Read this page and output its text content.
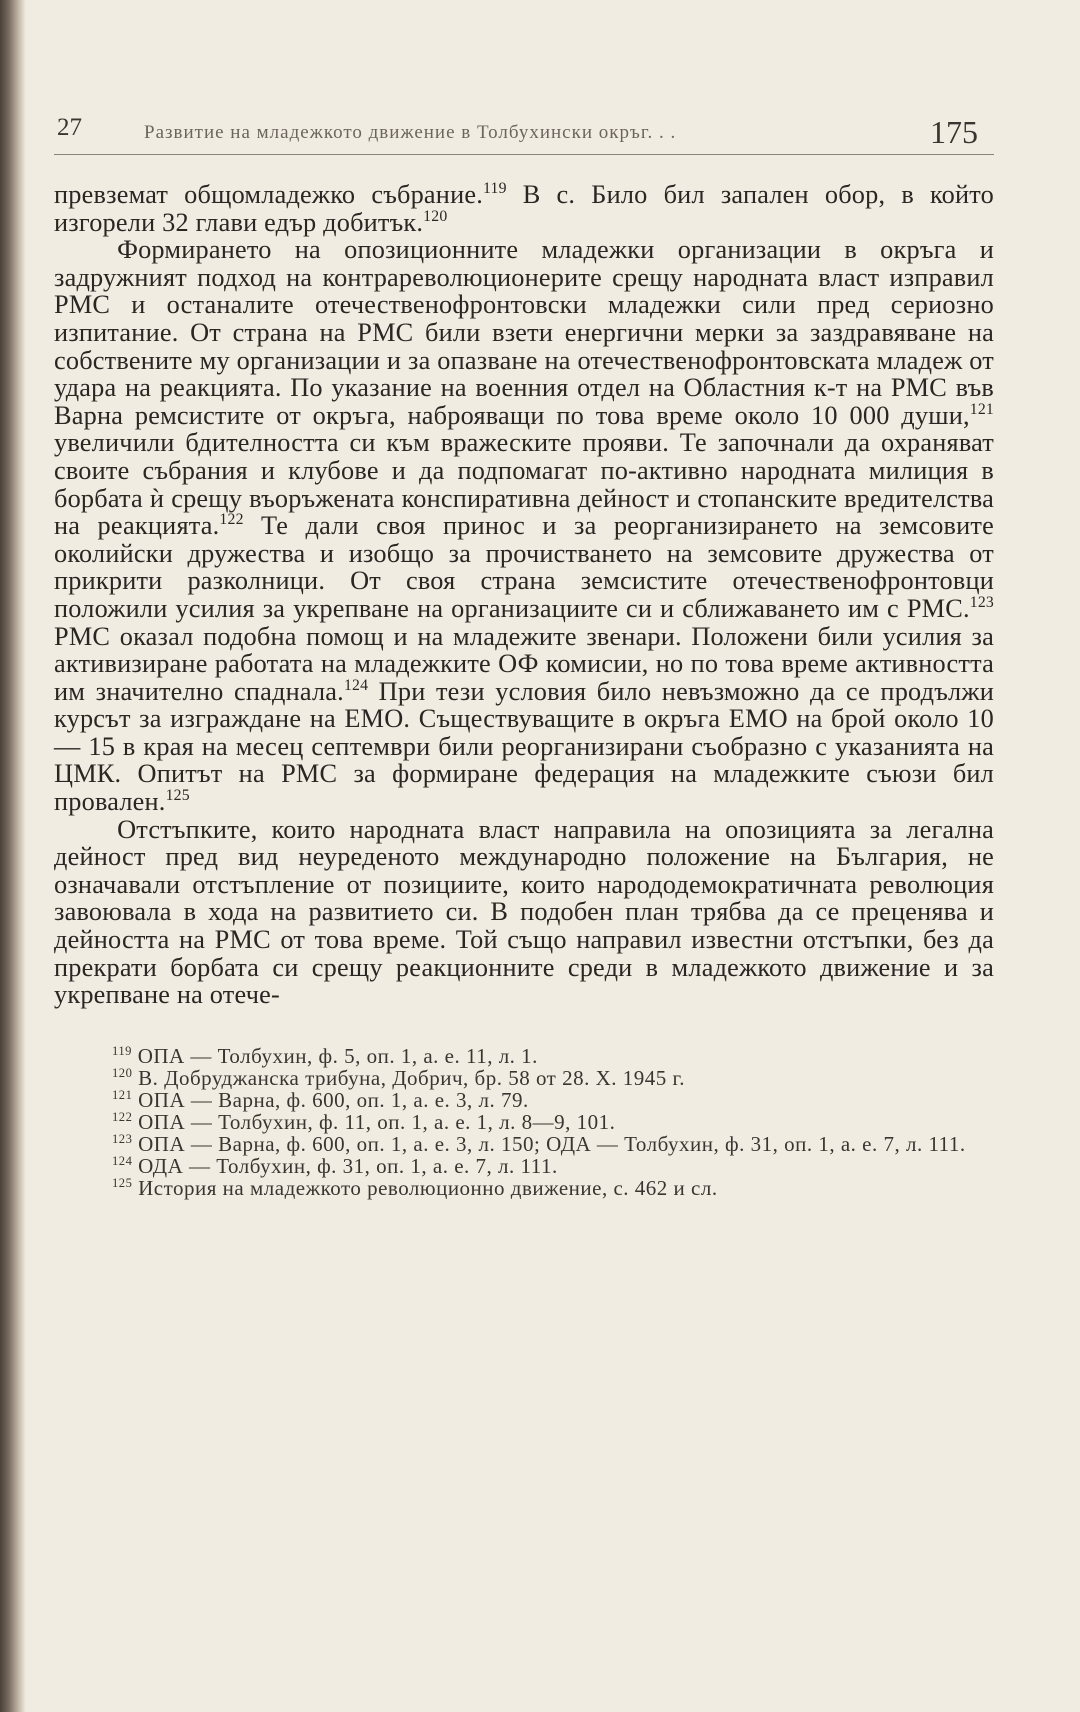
27	Развитие на младежкото движение в Толбухински окръг. . .	175

превземат общомладежко събрание.$^{119}$ В с. Било бил запален обор, в който изгорели 32 глави едър добитък.$^{120}$

Формирането на опозиционните младежки организации в окръга и задружният подход на контрареволюционерите срещу народната власт изправил РМС и останалите отечественофронтовски младежки сили пред сериозно изпитание. От страна на РМС били взети енергични мерки за заздравяване на собствените му организации и за опазване на отечественофронтовската младеж от удара на реакцията. По указание на военния отдел на Областния к-т на РМС във Варна ремсистите от окръга, наброяващи по това време около 10 000 души,$^{121}$ увеличили бдителността си към вражеските прояви. Те започнали да охраняват своите събрания и клубове и да подпомагат по-активно народната милиция в борбата ѝ срещу въоръжената конспиративна дейност и стопанските вредителства на реакцията.$^{122}$ Те дали своя принос и за реорганизирането на земсовите околийски дружества и изобщо за прочистването на земсовите дружества от прикрити разколници. От своя страна земсистите отечественофронтовци положили усилия за укрепване на организациите си и сближаването им с РМС.$^{123}$ РМС оказал подобна помощ и на младежите звенари. Положени били усилия за активизиране работата на младежките ОФ комисии, но по това време активността им значително спаднала.$^{124}$ При тези условия било невъзможно да се продължи курсът за изграждане на ЕМО. Съществуващите в окръга ЕМО на брой около 10 — 15 в края на месец септември били реорганизирани съобразно с указанията на ЦМК. Опитът на РМС за формиране федерация на младежките съюзи бил провален.$^{125}$

Отстъпките, които народната власт направила на опозицията за легална дейност пред вид неуреденото международно положение на България, не означавали отстъпление от позициите, които народодемократичната революция завоювала в хода на развитието си. В подобен план трябва да се преценява и дейността на РМС от това време. Той също направил известни отстъпки, без да прекрати борбата си срещу реакционните среди в младежкото движение и за укрепване на отече-

$^{119}$ ОПА — Толбухин, ф. 5, оп. 1, а. е. 11, л. 1.
$^{120}$ В. Добруджанска трибуна, Добрич, бр. 58 от 28. X. 1945 г.
$^{121}$ ОПА — Варна, ф. 600, оп. 1, а. е. 3, л. 79.
$^{122}$ ОПА — Толбухин, ф. 11, оп. 1, а. е. 1, л. 8—9, 101.
$^{123}$ ОПА — Варна, ф. 600, оп. 1, а. е. 3, л. 150; ОДА — Толбухин, ф. 31, оп. 1, а. е. 7, л. 111.
$^{124}$ ОДА — Толбухин, ф. 31, оп. 1, а. е. 7, л. 111.
$^{125}$ История на младежкото революционно движение, с. 462 и сл.
